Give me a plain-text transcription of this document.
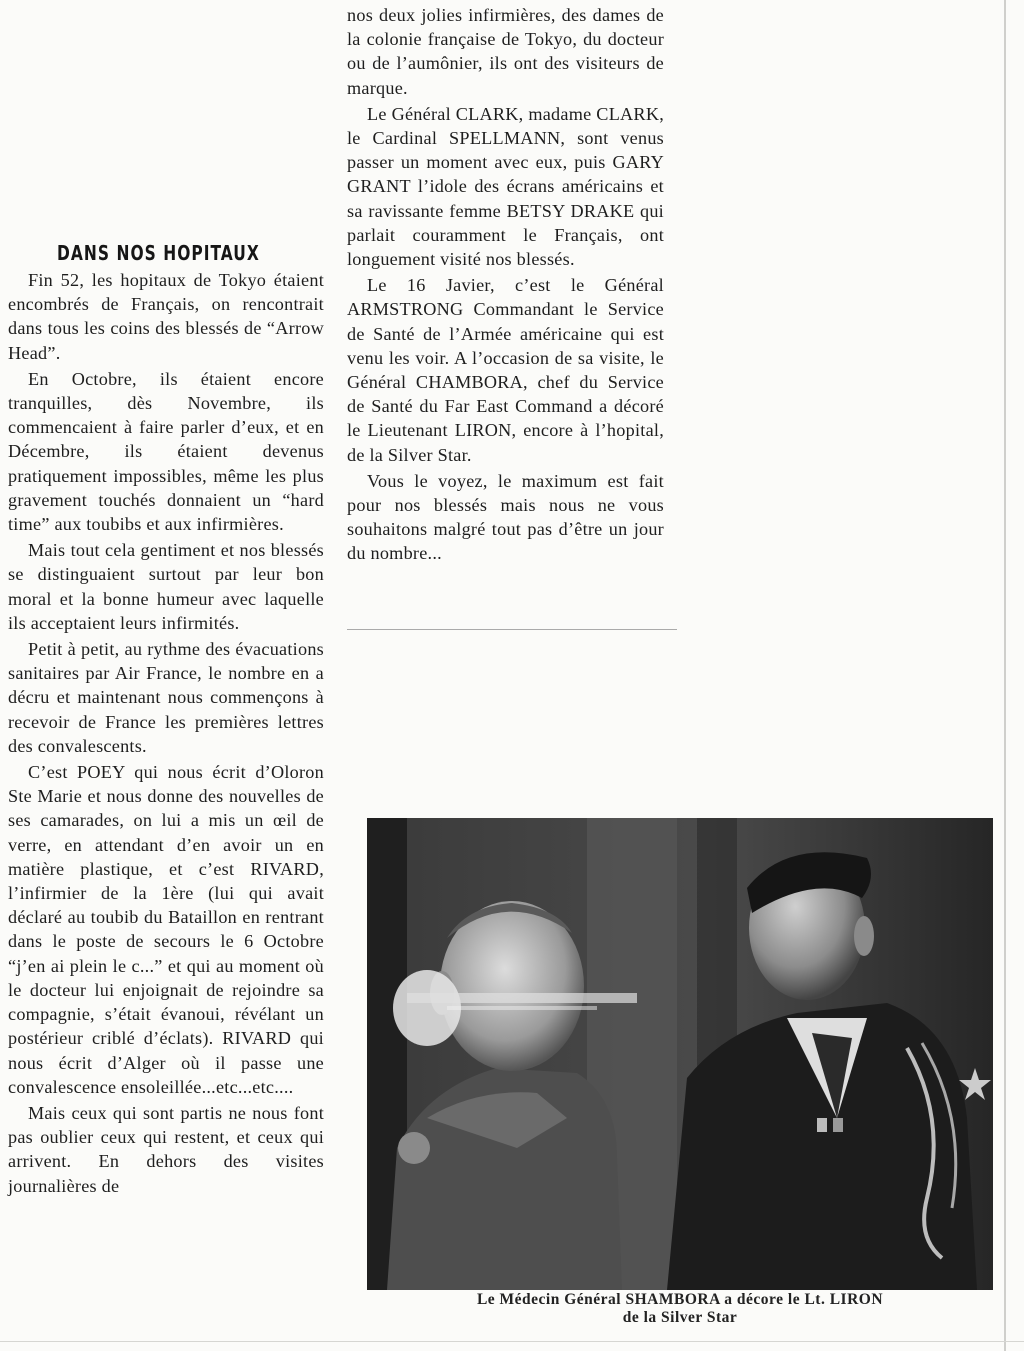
DANS NOS HOPITAUX

Fin 52, les hopitaux de Tokyo étaient encombrés de Français, on rencontrait dans tous les coins des blessés de “Arrow Head”.

En Octobre, ils étaient encore tranquilles, dès Novembre, ils commencaient à faire parler d’eux, et en Décembre, ils étaient devenus pratiquement impossibles, même les plus gravement touchés donnaient un “hard time” aux toubibs et aux infirmières.

Mais tout cela gentiment et nos blessés se distinguaient surtout par leur bon moral et la bonne humeur avec laquelle ils acceptaient leurs infirmités.

Petit à petit, au rythme des évacuations sanitaires par Air France, le nombre en a décru et maintenant nous commençons à recevoir de France les premières lettres des convalescents.

C’est POEY qui nous écrit d’Oloron Ste Marie et nous donne des nouvelles de ses camarades, on lui a mis un œil de verre, en attendant d’en avoir un en matière plastique, et c’est RIVARD, l’infirmier de la 1ère (lui qui avait déclaré au toubib du Bataillon en rentrant dans le poste de secours le 6 Octobre “j’en ai plein le c...” et qui au moment où le docteur lui enjoignait de rejoindre sa compagnie, s’était évanoui, révélant un postérieur criblé d’éclats). RIVARD qui nous écrit d’Alger où il passe une convalescence ensoleillée...etc...etc....

Mais ceux qui sont partis ne nous font pas oublier ceux qui restent, et ceux qui arrivent. En dehors des visites journalières de

nos deux jolies infirmières, des dames de la colonie française de Tokyo, du docteur ou de l’aumônier, ils ont des visiteurs de marque.

Le Général CLARK, madame CLARK, le Cardinal SPELLMANN, sont venus passer un moment avec eux, puis GARY GRANT l’idole des écrans américains et sa ravissante femme BETSY DRAKE qui parlait couramment le Français, ont longuement visité nos blessés.

Le 16 Javier, c’est le Général ARMSTRONG Commandant le Service de Santé de l’Armée américaine qui est venu les voir. A l’occasion de sa visite, le Général CHAMBORA, chef du Service de Santé du Far East Command a décoré le Lieutenant LIRON, encore à l’hopital, de la Silver Star.

Vous le voyez, le maximum est fait pour nos blessés mais nous ne vous souhaitons malgré tout pas d’être un jour du nombre...

Le Médecin Général SHAMBORA a décore le Lt. LIRON
de la Silver Star
